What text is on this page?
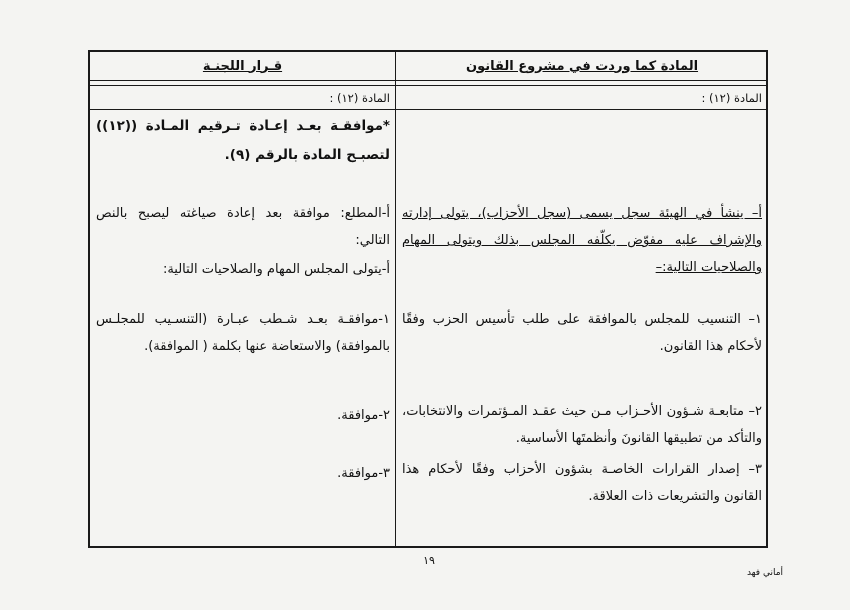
قـرار اللجنـة	المادة كما وردت في مشروع القانون
المادة (١٢) :	المادة (١٢) :
*موافقـة بعـد إعـادة تـرقيم المـادة ((١٢)) لتصبـح المادة بالرقم (٩).
أ-المطلع: موافقة بعد إعادة صياغته ليصبح بالنص التالي:
أ-يتولى المجلس المهام والصلاحيات التالية:
١-موافقـة بعـد شـطب عبـارة (التنسـيب للمجلـس بالموافقة) والاستعاضة عنها بكلمة ( الموافقة).
٢-موافقة.
٣-موافقة.
أ– ينشأ في الهيئة سجل يسمى (سجل الأحزاب)، يتولى إدارته والإشراف عليه مفوّض يكلّفه المجلس بذلك ويتولى المهام والصلاحيات التالية:–
١– التنسيب للمجلس بالموافقة على طلب تأسيس الحزب وفقًا لأحكام هذا القانون.
٢– متابعـة شـؤون الأحـزاب مـن حيث عقـد المـؤتمرات والانتخابات، والتأكد من تطبيقها القانونَ وأنظمتَها الأساسية.
٣– إصدار القرارات الخاصـة بشؤون الأحزاب وفقًا لأحكام هذا القانون والتشريعات ذات العلاقة.
١٩
أماني فهد
